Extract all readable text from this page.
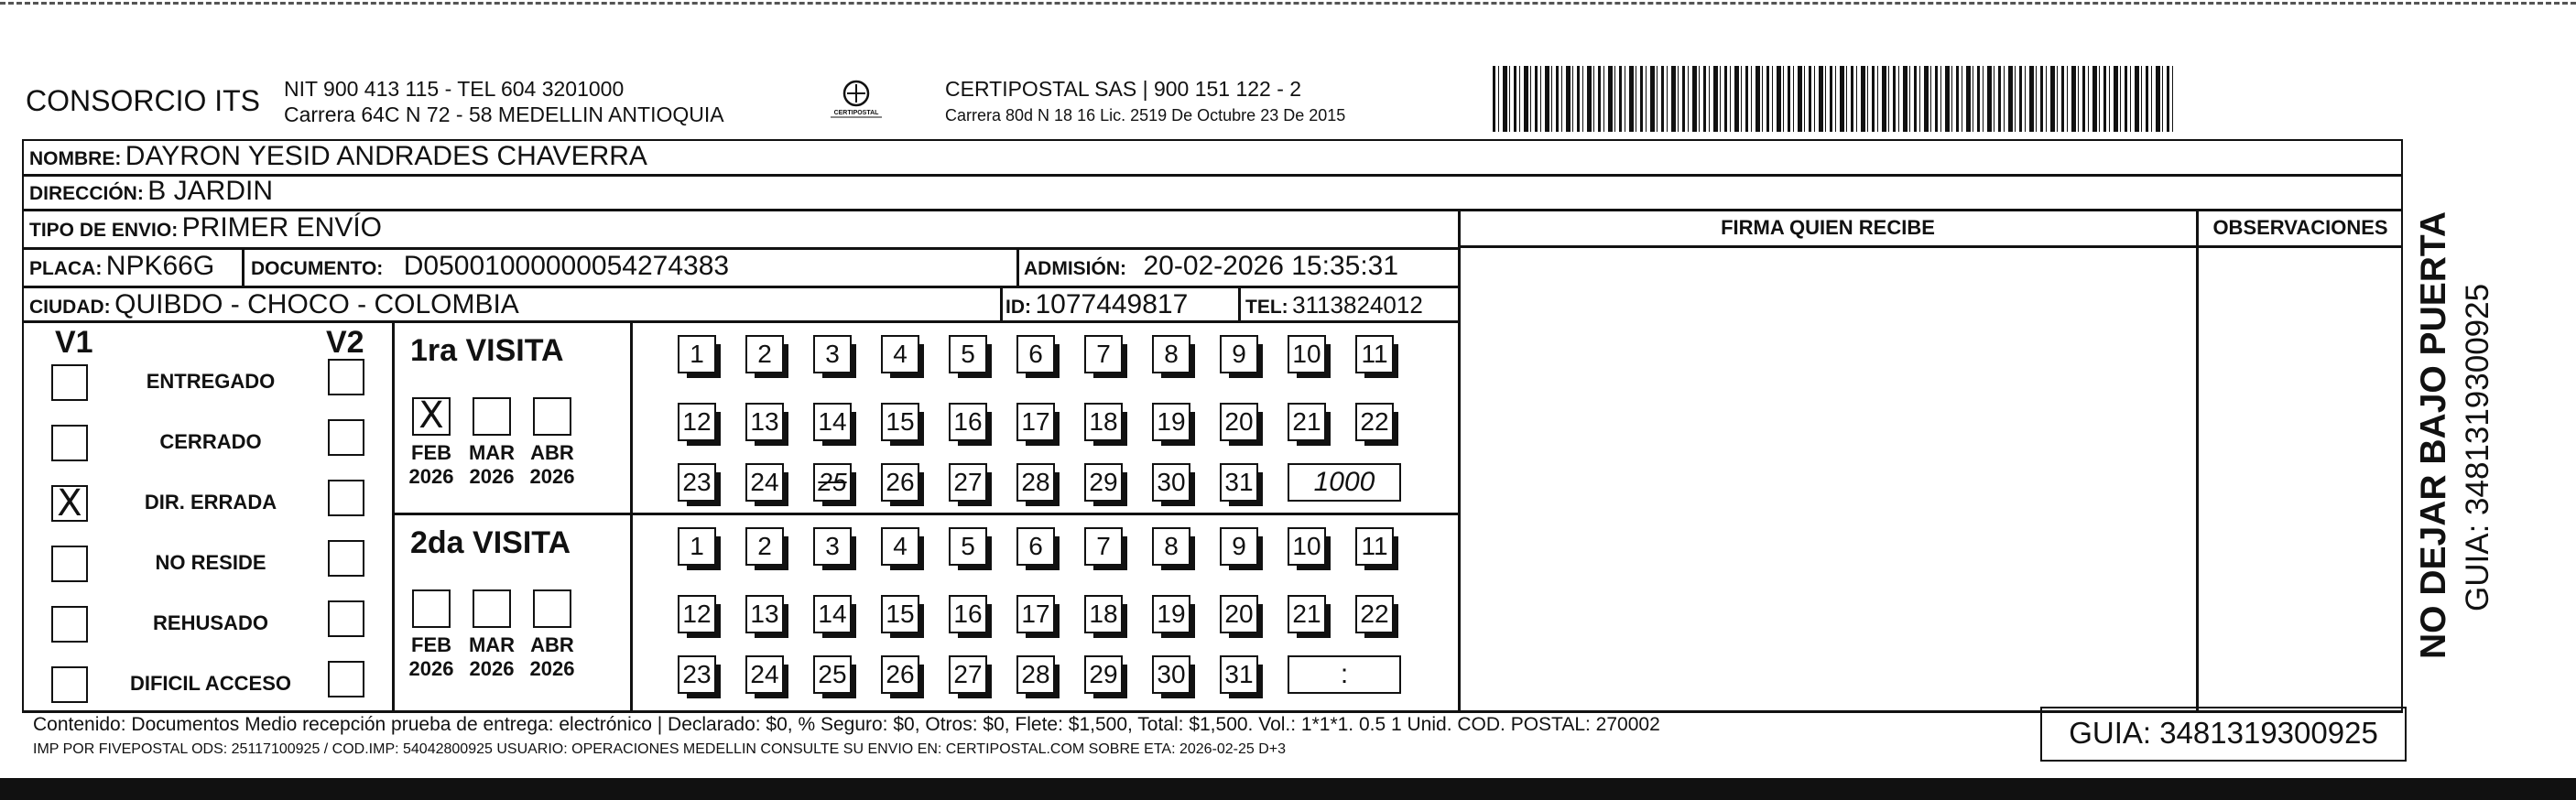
CONSORCIO ITS NIT 900 413 115 - TEL 604 3201000
Carrera 64C N 72 - 58 MEDELLIN ANTIOQUIA	CERTIPOSTAL
CERTIPOSTAL SAS | 900 151 122 - 2
Carrera 80d N 18 16 Lic. 2519 De Octubre 23 De 2015
NOMBRE: DAYRON YESID ANDRADES CHAVERRA
DIRECCIÓN: B JARDIN
TIPO DE ENVIO: PRIMER ENVÍO
PLACA: NPK66G DOCUMENTO: D05001000000054274383	ADMISIÓN: 20-02-2026 15:35:31
CIUDAD: QUIBDO - CHOCO - COLOMBIA	ID: 1077449817	TEL: 3113824012
FIRMA QUIEN RECIBE	OBSERVACIONES
V1	V2
ENTREGADO
CERRADO
X	DIR. ERRADA
NO RESIDE
REHUSADO
DIFICIL ACCESO
1ra VISITA
X
FEB
2026
MAR
2026
ABR
2026
1	2	3	4	5	6	7	8	9	10 11
12 13 14 15 16 17 18 19 20 21 22
23 24 25 26 27 28 29 30 31	1000
2da VISITA
FEB
2026
MAR
2026
ABR
2026
1	2	3	4	5	6	7	8	9	10 11
12 13 14 15 16 17 18 19 20 21 22
23 24 25 26 27 28 29 30 31	:
Contenido: Documentos Medio recepción prueba de entrega: electrónico | Declarado: $0, % Seguro: $0, Otros: $0, Flete: $1,500, Total: $1,500. Vol.: 1*1*1. 0.5 1 Unid. COD. POSTAL: 270002
IMP POR FIVEPOSTAL ODS: 25117100925 / COD.IMP: 54042800925 USUARIO: OPERACIONES MEDELLIN CONSULTE SU ENVIO EN: CERTIPOSTAL.COM SOBRE ETA: 2026-02-25 D+3	GUIA: 3481319300925
NO DEJAR BAJO PUERTA GUIA: 3481319300925
